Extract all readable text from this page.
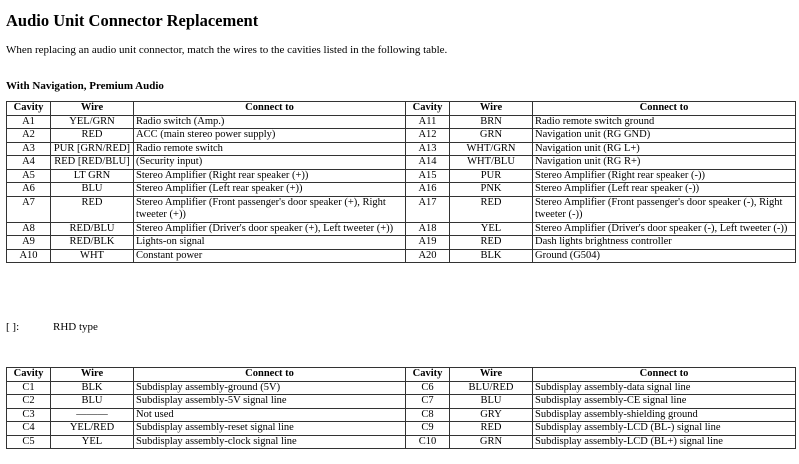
Audio Unit Connector Replacement
When replacing an audio unit connector, match the wires to the cavities listed in the following table.
With Navigation, Premium Audio
Cavity	Wire	Connect to	Cavity	Wire	Connect to
A1	YEL/GRN	Radio switch (Amp.)	A11	BRN	Radio remote switch ground
A2	RED	ACC (main stereo power supply)	A12	GRN	Navigation unit (RG GND)
A3	PUR [GRN/RED]	Radio remote switch	A13	WHT/GRN	Navigation unit (RG L+)
A4	RED [RED/BLU]	(Security input)	A14	WHT/BLU	Navigation unit (RG R+)
A5	LT GRN	Stereo Amplifier (Right rear speaker (+))	A15	PUR	Stereo Amplifier (Right rear speaker (-))
A6	BLU	Stereo Amplifier (Left rear speaker (+))	A16	PNK	Stereo Amplifier (Left rear speaker (-))
A7	RED	Stereo Amplifier (Front passenger's door speaker (+), Right tweeter (+))	A17	RED	Stereo Amplifier (Front passenger's door speaker (-), Right tweeter (-))
A8	RED/BLU	Stereo Amplifier (Driver's door speaker (+), Left tweeter (+))	A18	YEL	Stereo Amplifier (Driver's door speaker (-), Left tweeter (-))
A9	RED/BLK	Lights-on signal	A19	RED	Dash lights brightness controller
A10	WHT	Constant power	A20	BLK	Ground (G504)
[ ]:	RHD type
Cavity	Wire	Connect to	Cavity	Wire	Connect to
C1	BLK	Subdisplay assembly-ground (5V)	C6	BLU/RED	Subdisplay assembly-data signal line
C2	BLU	Subdisplay assembly-5V signal line	C7	BLU	Subdisplay assembly-CE signal line
C3	———	Not used	C8	GRY	Subdisplay assembly-shielding ground
C4	YEL/RED	Subdisplay assembly-reset signal line	C9	RED	Subdisplay assembly-LCD (BL-) signal line
C5	YEL	Subdisplay assembly-clock signal line	C10	GRN	Subdisplay assembly-LCD (BL+) signal line
